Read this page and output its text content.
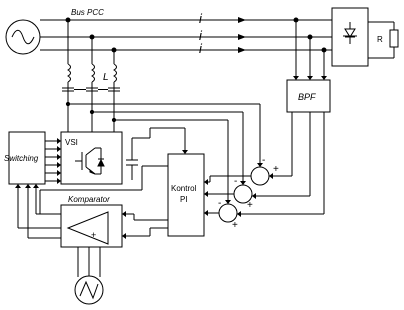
Bus PCC	i
i
i
R
L
VSI
Switching
Kontrol
PI
Komparator
+
BPF
-
+
-
+
-
+
